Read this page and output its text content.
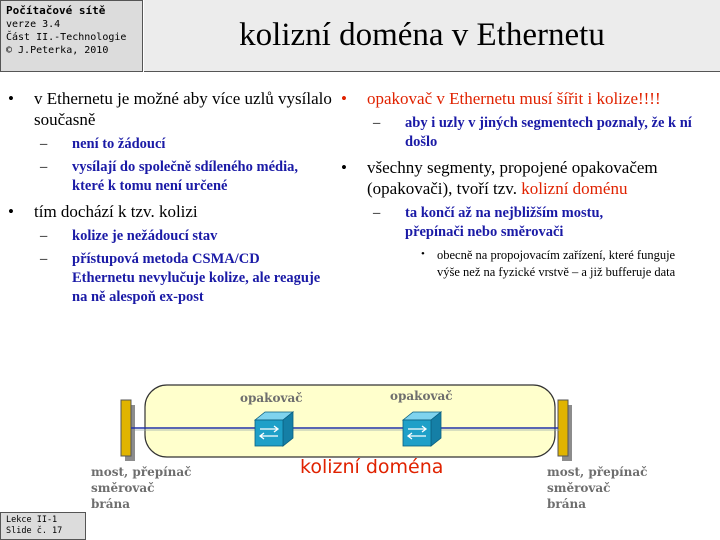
Počítačové sítě
verze 3.4
Část II.-Technologie
© J.Peterka, 2010	kolizní doména v Ethernetu
• v Ethernetu je možné aby více uzlů vysílalo současně
– není to žádoucí
– vysílají do společně sdíleného média, které k tomu není určené
• tím dochází k tzv. kolizi
– kolize je nežádoucí stav
– přístupová metoda CSMA/CD Ethernetu nevylučuje kolize, ale reaguje na ně alespoň ex-post
• opakovač v Ethernetu musí šířit i kolize!!!!
– aby i uzly v jiných segmentech poznaly, že k ní došlo
• všechny segmenty, propojené opakovačem (opakovači), tvoří tzv. kolizní doménu
– ta končí až na nejbližším mostu, přepínači nebo směrovači
• obecně na propojovacím zařízení, které funguje výše než na fyzické vrstvě – a již bufferuje data
opakovač	opakovač
kolizní doména
most, přepínač
směrovač
brána
most, přepínač
směrovač
brána
Lekce II-1
Slide č. 17
